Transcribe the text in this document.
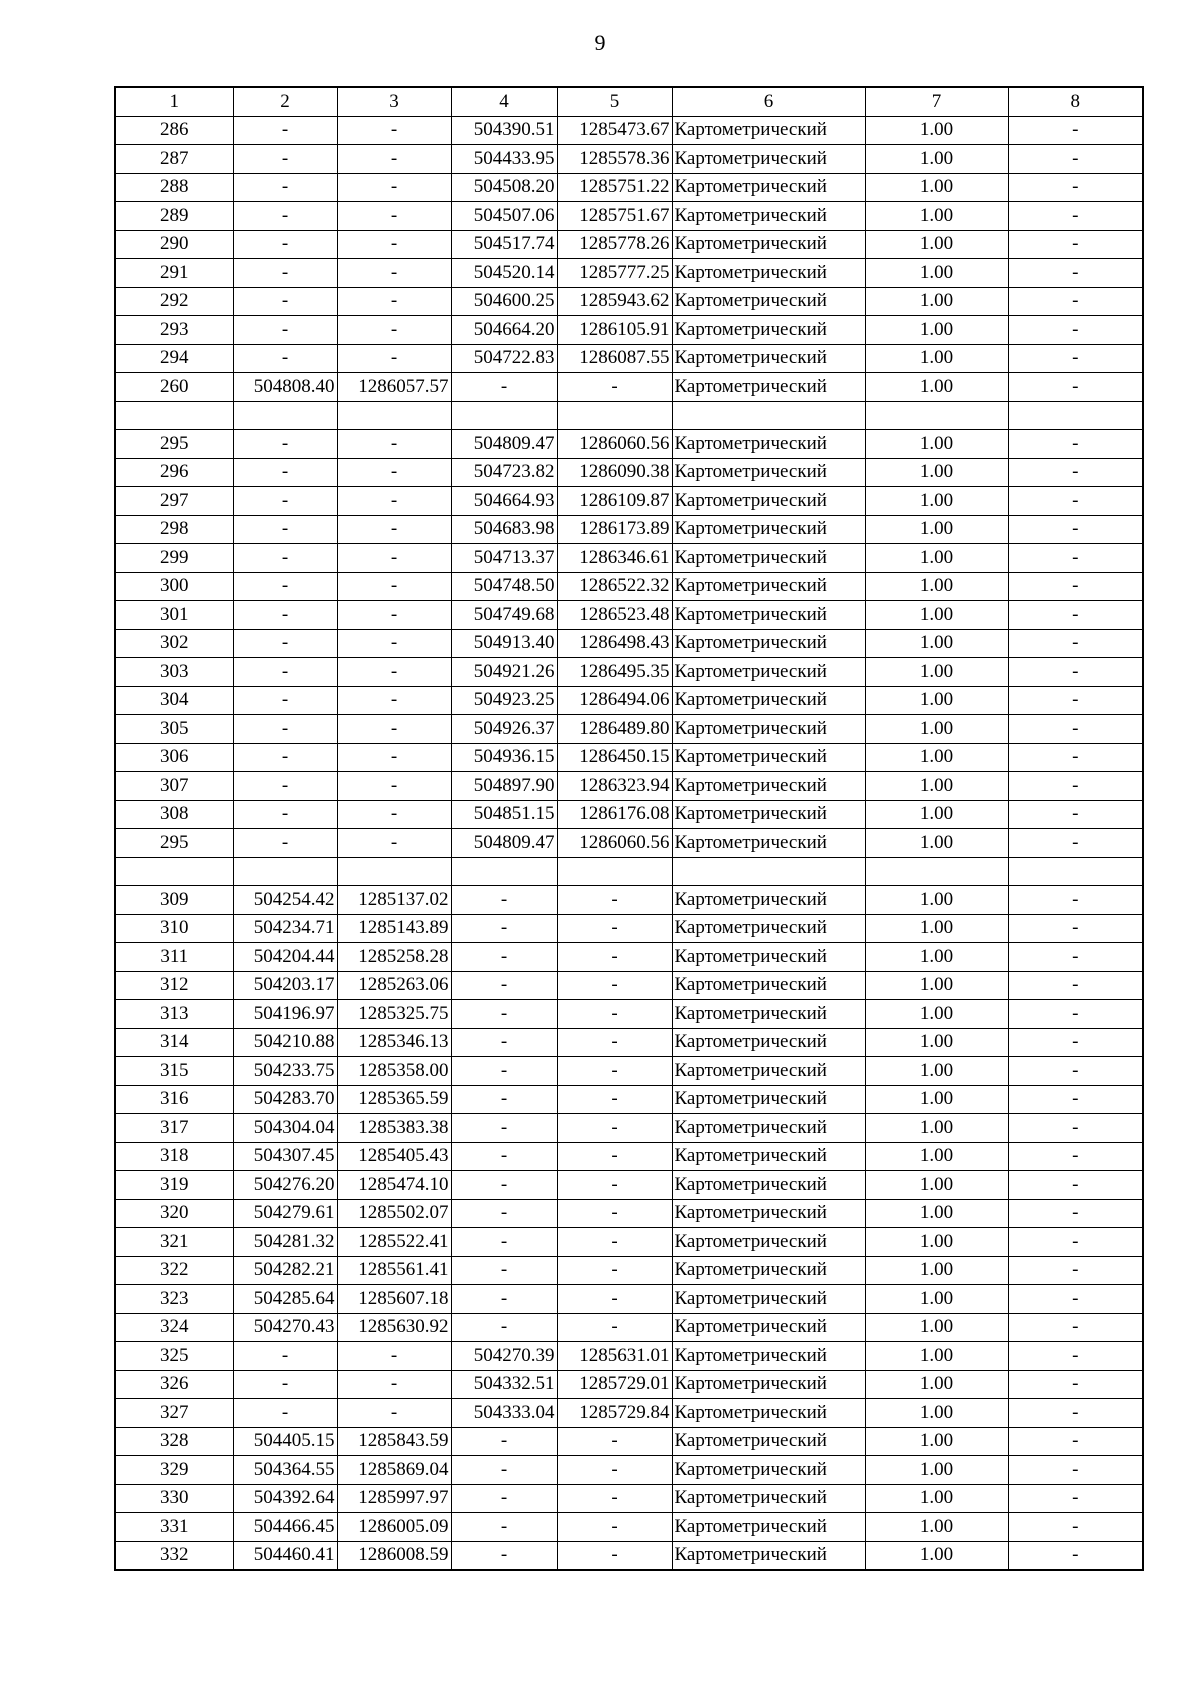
9
1	2	3	4	5	6	7	8
286	-	-	504390.51	1285473.67	Картометрический	1.00	-
287	-	-	504433.95	1285578.36	Картометрический	1.00	-
288	-	-	504508.20	1285751.22	Картометрический	1.00	-
289	-	-	504507.06	1285751.67	Картометрический	1.00	-
290	-	-	504517.74	1285778.26	Картометрический	1.00	-
291	-	-	504520.14	1285777.25	Картометрический	1.00	-
292	-	-	504600.25	1285943.62	Картометрический	1.00	-
293	-	-	504664.20	1286105.91	Картометрический	1.00	-
294	-	-	504722.83	1286087.55	Картометрический	1.00	-
260	504808.40	1286057.57	-	-	Картометрический	1.00	-

295	-	-	504809.47	1286060.56	Картометрический	1.00	-
296	-	-	504723.82	1286090.38	Картометрический	1.00	-
297	-	-	504664.93	1286109.87	Картометрический	1.00	-
298	-	-	504683.98	1286173.89	Картометрический	1.00	-
299	-	-	504713.37	1286346.61	Картометрический	1.00	-
300	-	-	504748.50	1286522.32	Картометрический	1.00	-
301	-	-	504749.68	1286523.48	Картометрический	1.00	-
302	-	-	504913.40	1286498.43	Картометрический	1.00	-
303	-	-	504921.26	1286495.35	Картометрический	1.00	-
304	-	-	504923.25	1286494.06	Картометрический	1.00	-
305	-	-	504926.37	1286489.80	Картометрический	1.00	-
306	-	-	504936.15	1286450.15	Картометрический	1.00	-
307	-	-	504897.90	1286323.94	Картометрический	1.00	-
308	-	-	504851.15	1286176.08	Картометрический	1.00	-
295	-	-	504809.47	1286060.56	Картометрический	1.00	-

309	504254.42	1285137.02	-	-	Картометрический	1.00	-
310	504234.71	1285143.89	-	-	Картометрический	1.00	-
311	504204.44	1285258.28	-	-	Картометрический	1.00	-
312	504203.17	1285263.06	-	-	Картометрический	1.00	-
313	504196.97	1285325.75	-	-	Картометрический	1.00	-
314	504210.88	1285346.13	-	-	Картометрический	1.00	-
315	504233.75	1285358.00	-	-	Картометрический	1.00	-
316	504283.70	1285365.59	-	-	Картометрический	1.00	-
317	504304.04	1285383.38	-	-	Картометрический	1.00	-
318	504307.45	1285405.43	-	-	Картометрический	1.00	-
319	504276.20	1285474.10	-	-	Картометрический	1.00	-
320	504279.61	1285502.07	-	-	Картометрический	1.00	-
321	504281.32	1285522.41	-	-	Картометрический	1.00	-
322	504282.21	1285561.41	-	-	Картометрический	1.00	-
323	504285.64	1285607.18	-	-	Картометрический	1.00	-
324	504270.43	1285630.92	-	-	Картометрический	1.00	-
325	-	-	504270.39	1285631.01	Картометрический	1.00	-
326	-	-	504332.51	1285729.01	Картометрический	1.00	-
327	-	-	504333.04	1285729.84	Картометрический	1.00	-
328	504405.15	1285843.59	-	-	Картометрический	1.00	-
329	504364.55	1285869.04	-	-	Картометрический	1.00	-
330	504392.64	1285997.97	-	-	Картометрический	1.00	-
331	504466.45	1286005.09	-	-	Картометрический	1.00	-
332	504460.41	1286008.59	-	-	Картометрический	1.00	-
